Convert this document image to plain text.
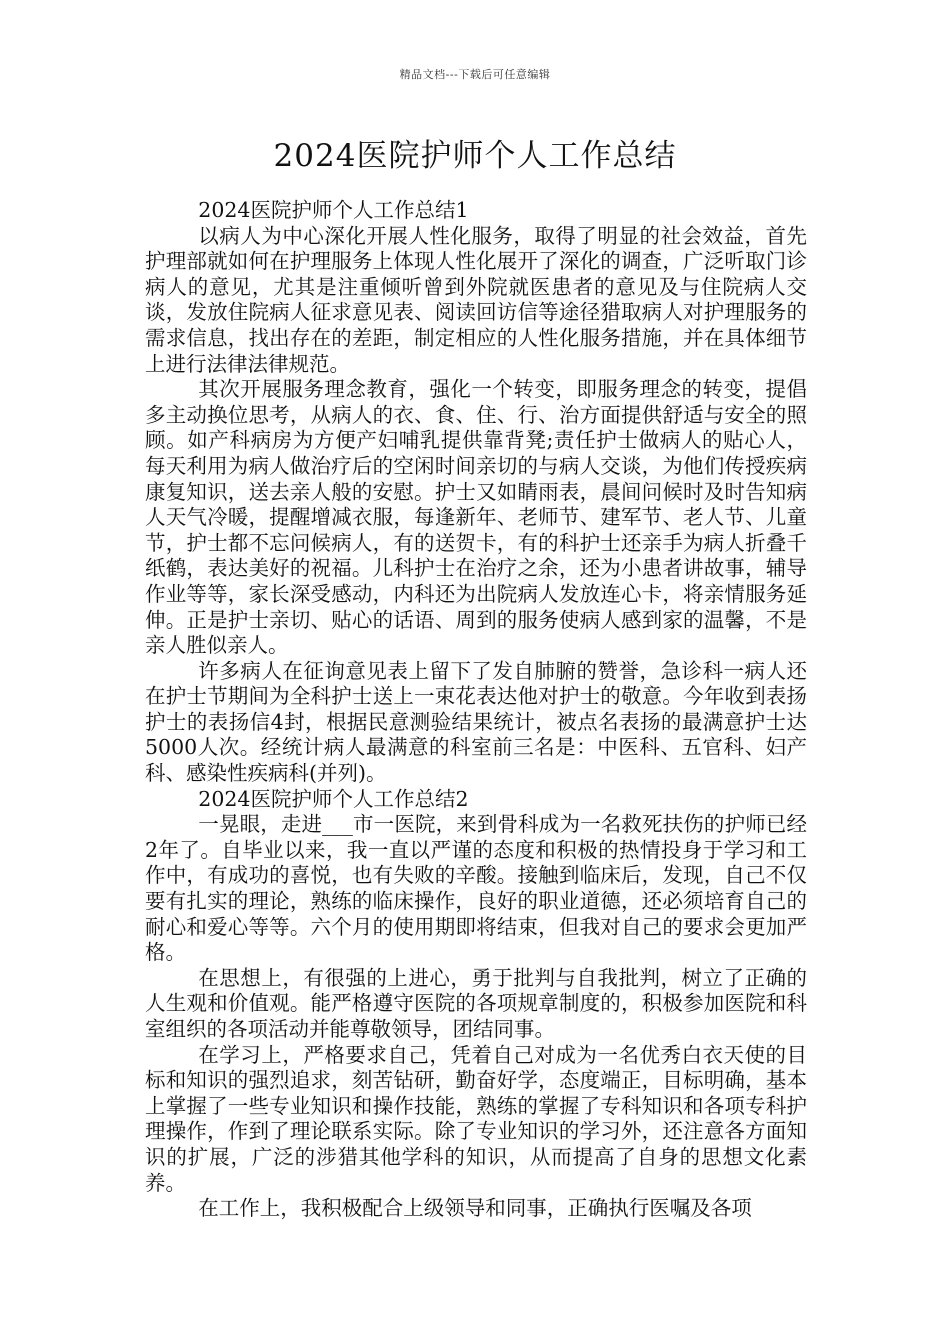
精品文档---下载后可任意编辑
2024医院护师个人工作总结

2024医院护师个人工作总结1

以病人为中心深化开展人性化服务，取得了明显的社会效益，首先护理部就如何在护理服务上体现人性化展开了深化的调查，广泛听取门诊病人的意见，尤其是注重倾听曾到外院就医患者的意见及与住院病人交谈，发放住院病人征求意见表、阅读回访信等途径猎取病人对护理服务的需求信息，找出存在的差距，制定相应的人性化服务措施，并在具体细节上进行法律法律规范。

其次开展服务理念教育，强化一个转变，即服务理念的转变，提倡多主动换位思考，从病人的衣、食、住、行、治方面提供舒适与安全的照顾。如产科病房为方便产妇哺乳提供靠背凳;责任护士做病人的贴心人，每天利用为病人做治疗后的空闲时间亲切的与病人交谈，为他们传授疾病康复知识，送去亲人般的安慰。护士又如睛雨表，晨间问候时及时告知病人天气冷暖，提醒增减衣服，每逢新年、老师节、建军节、老人节、儿童节，护士都不忘问候病人，有的送贺卡，有的科护士还亲手为病人折叠千纸鹤，表达美好的祝福。儿科护士在治疗之余，还为小患者讲故事，辅导作业等等，家长深受感动，内科还为出院病人发放连心卡，将亲情服务延伸。正是护士亲切、贴心的话语、周到的服务使病人感到家的温馨，不是亲人胜似亲人。

许多病人在征询意见表上留下了发自肺腑的赞誉，急诊科一病人还在护士节期间为全科护士送上一束花表达他对护士的敬意。今年收到表扬护士的表扬信4封，根据民意测验结果统计，被点名表扬的最满意护士达5000人次。经统计病人最满意的科室前三名是：中医科、五官科、妇产科、感染性疾病科(并列)。

2024医院护师个人工作总结2

一晃眼，走进___市一医院，来到骨科成为一名救死扶伤的护师已经2年了。自毕业以来，我一直以严谨的态度和积极的热情投身于学习和工作中，有成功的喜悦，也有失败的辛酸。接触到临床后，发现，自己不仅要有扎实的理论，熟练的临床操作，良好的职业道德，还必须培育自己的耐心和爱心等等。六个月的使用期即将结束，但我对自己的要求会更加严格。

在思想上，有很强的上进心，勇于批判与自我批判，树立了正确的人生观和价值观。能严格遵守医院的各项规章制度的，积极参加医院和科室组织的各项活动并能尊敬领导，团结同事。

在学习上，严格要求自己，凭着自己对成为一名优秀白衣天使的目标和知识的强烈追求，刻苦钻研，勤奋好学，态度端正，目标明确，基本上掌握了一些专业知识和操作技能，熟练的掌握了专科知识和各项专科护理操作，作到了理论联系实际。除了专业知识的学习外，还注意各方面知识的扩展，广泛的涉猎其他学科的知识，从而提高了自身的思想文化素养。

在工作上，我积极配合上级领导和同事，正确执行医嘱及各项
